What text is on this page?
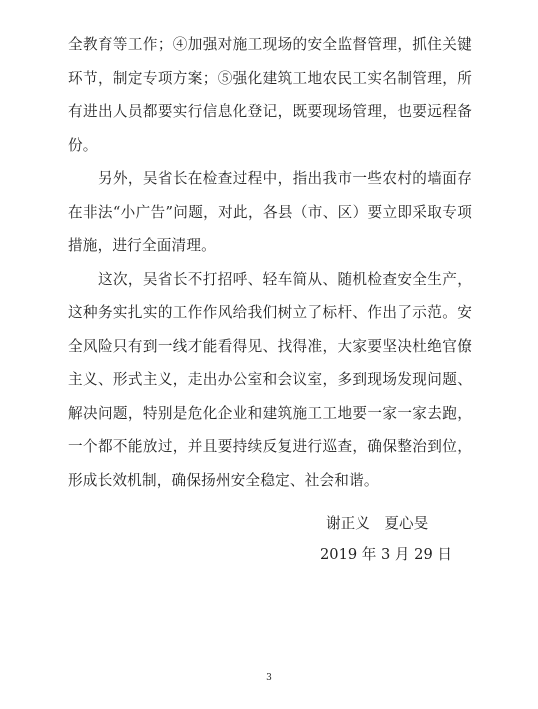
全教育等工作；④加强对施工现场的安全监督管理，抓住关键
环节，制定专项方案；⑤强化建筑工地农民工实名制管理，所
有进出人员都要实行信息化登记，既要现场管理，也要远程备
份。
另外，吴省长在检查过程中，指出我市一些农村的墙面存
在非法“小广告”问题，对此，各县（市、区）要立即采取专项
措施，进行全面清理。
这次，吴省长不打招呼、轻车简从、随机检查安全生产，
这种务实扎实的工作作风给我们树立了标杆、作出了示范。安
全风险只有到一线才能看得见、找得准，大家要坚决杜绝官僚
主义、形式主义，走出办公室和会议室，多到现场发现问题、
解决问题，特别是危化企业和建筑施工工地要一家一家去跑，
一个都不能放过，并且要持续反复进行巡查，确保整治到位，
形成长效机制，确保扬州安全稳定、社会和谐。
谢正义　夏心旻
2019 年 3 月 29 日
3
